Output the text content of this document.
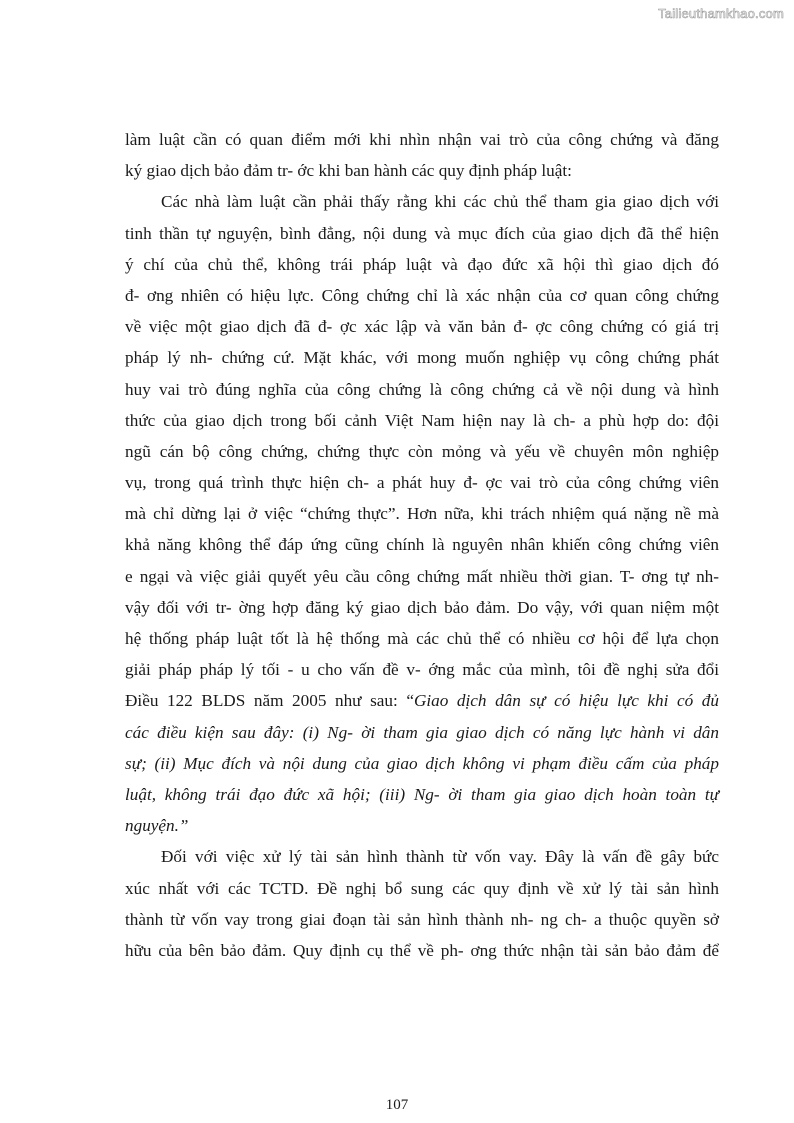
Tailieuthamkhao.com
làm luật cần có quan điểm mới khi nhìn nhận vai trò của công chứng và đăng
ký giao dịch bảo đảm tr- ớc khi ban hành các quy định pháp luật:
Các nhà làm luật cần phải thấy rằng khi các chủ thể tham gia giao dịch với
tinh thần tự nguyện, bình đẳng, nội dung và mục đích của giao dịch đã thể hiện
ý chí của chủ thể, không trái pháp luật và đạo đức xã hội thì giao dịch đó
đ- ơng nhiên có hiệu lực. Công chứng chỉ là xác nhận của cơ quan công chứng
về việc một giao dịch đã đ- ợc xác lập và văn bản đ- ợc công chứng có giá trị
pháp lý nh- chứng cứ. Mặt khác, với mong muốn nghiệp vụ công chứng phát
huy vai trò đúng nghĩa của công chứng là công chứng cả về nội dung và hình
thức của giao dịch trong bối cảnh Việt Nam hiện nay là ch- a phù hợp do: đội
ngũ cán bộ công chứng, chứng thực còn mỏng và yếu về chuyên môn nghiệp
vụ, trong quá trình thực hiện ch- a phát huy đ- ợc vai trò của công chứng viên
mà chỉ dừng lại ở việc “chứng thực”. Hơn nữa, khi trách nhiệm quá nặng nề mà
khả năng không thể đáp ứng cũng chính là nguyên nhân khiến công chứng viên
e ngại và việc giải quyết yêu cầu công chứng mất nhiều thời gian. T- ơng tự nh-
vậy đối với tr- ờng hợp đăng ký giao dịch bảo đảm. Do vậy, với quan niệm một
hệ thống pháp luật tốt là hệ thống mà các chủ thể có nhiều cơ hội để lựa chọn
giải pháp pháp lý tối - u cho vấn đề v- ớng mắc của mình, tôi đề nghị sửa đổi
Điều 122 BLDS năm 2005 như sau: “Giao dịch dân sự có hiệu lực khi có đủ
các điều kiện sau đây: (i) Ng- ời tham gia giao dịch có năng lực hành vi dân
sự; (ii) Mục đích và nội dung của giao dịch không vi phạm điều cấm của pháp
luật, không trái đạo đức xã hội; (iii) Ng- ời tham gia giao dịch hoàn toàn tự
nguyện.”
Đối với việc xử lý tài sản hình thành từ vốn vay. Đây là vấn đề gây bức
xúc nhất với các TCTD. Đề nghị bổ sung các quy định về xử lý tài sản hình
thành từ vốn vay trong giai đoạn tài sản hình thành nh- ng ch- a thuộc quyền sở
hữu của bên bảo đảm. Quy định cụ thể về ph- ơng thức nhận tài sản bảo đảm để
107
